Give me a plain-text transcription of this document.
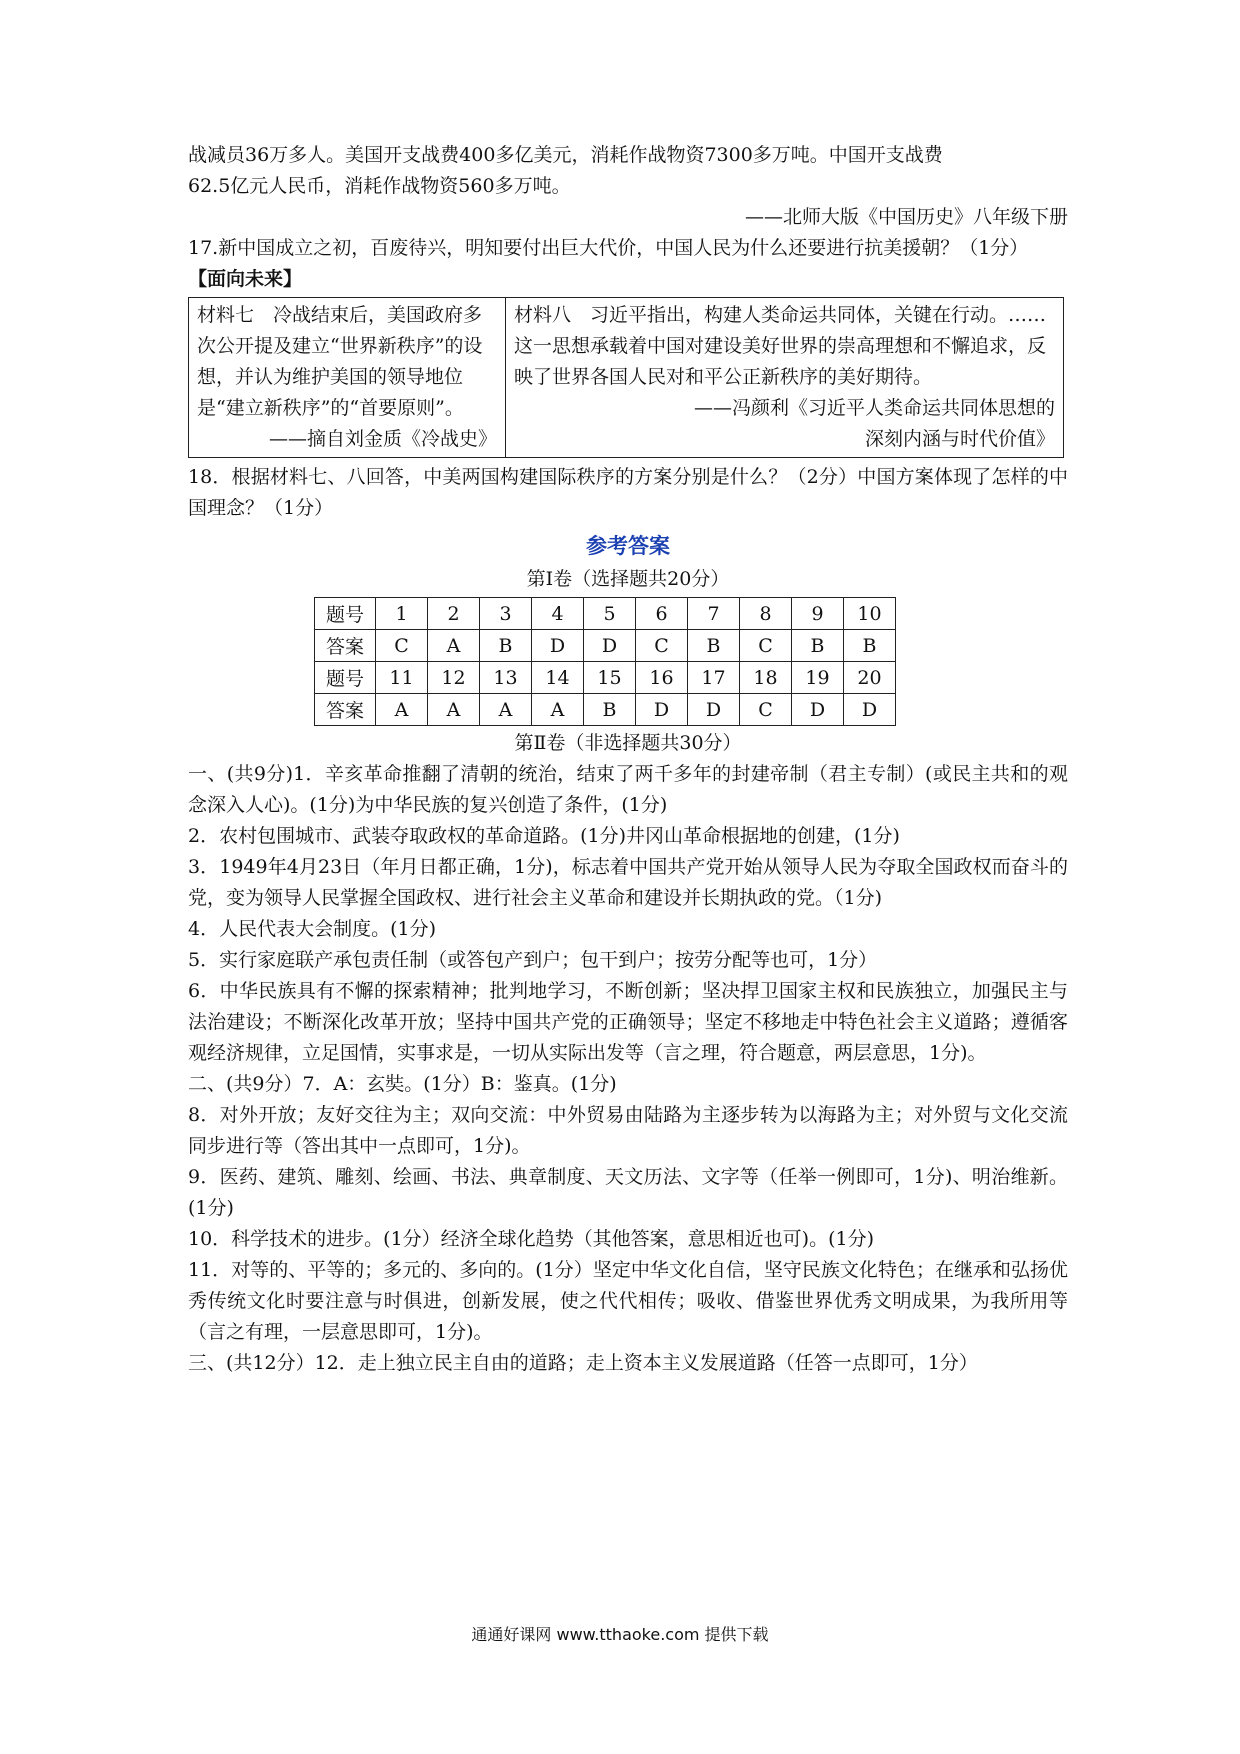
战减员36万多人。美国开支战费400多亿美元，消耗作战物资7300多万吨。中国开支战费

62.5亿元人民币，消耗作战物资560多万吨。

——北师大版《中国历史》八年级下册

17.新中国成立之初，百废待兴，明知要付出巨大代价，中国人民为什么还要进行抗美援朝？（1分）

【面向未来】

材料七　冷战结束后，美国政府多次公开提及建立“世界新秩序”的设想，并认为维护美国的领导地位是“建立新秩序”的“首要原则”。
——摘自刘金质《冷战史》

材料八　习近平指出，构建人类命运共同体，关键在行动。……这一思想承载着中国对建设美好世界的崇高理想和不懈追求，反映了世界各国人民对和平公正新秩序的美好期待。
——冯颜利《习近平人类命运共同体思想的
深刻内涵与时代价值》

18．根据材料七、八回答，中美两国构建国际秩序的方案分别是什么？（2分）中国方案体现了怎样的中国理念？（1分）

参考答案

第Ⅰ卷（选择题共20分）

题号	1	2	3	4	5	6	7	8	9	10
答案	C	A	B	D	D	C	B	C	B	B
题号	11	12	13	14	15	16	17	18	19	20
答案	A	A	A	A	B	D	D	C	D	D

第Ⅱ卷（非选择题共30分）

一、(共9分)1．辛亥革命推翻了清朝的统治，结束了两千多年的封建帝制（君主专制）(或民主共和的观念深入人心)。(1分)为中华民族的复兴创造了条件，(1分)

2．农村包围城市、武装夺取政权的革命道路。(1分)井冈山革命根据地的创建，(1分)

3．1949年4月23日（年月日都正确，1分)，标志着中国共产党开始从领导人民为夺取全国政权而奋斗的党，变为领导人民掌握全国政权、进行社会主义革命和建设并长期执政的党。（1分)

4．人民代表大会制度。(1分)

5．实行家庭联产承包责任制（或答包产到户；包干到户；按劳分配等也可，1分）

6．中华民族具有不懈的探索精神；批判地学习，不断创新；坚决捍卫国家主权和民族独立，加强民主与法治建设；不断深化改革开放；坚持中国共产党的正确领导；坚定不移地走中特色社会主义道路；遵循客观经济规律，立足国情，实事求是，一切从实际出发等（言之理，符合题意，两层意思，1分)。

二、(共9分）7．A：玄奘。(1分）B：鉴真。(1分)

8．对外开放；友好交往为主；双向交流：中外贸易由陆路为主逐步转为以海路为主；对外贸与文化交流同步进行等（答出其中一点即可，1分)。

9．医药、建筑、雕刻、绘画、书法、典章制度、天文历法、文字等（任举一例即可，1分)、明治维新。(1分)

10．科学技术的进步。(1分）经济全球化趋势（其他答案，意思相近也可)。(1分)

11．对等的、平等的；多元的、多向的。(1分）坚定中华文化自信，坚守民族文化特色；在继承和弘扬优秀传统文化时要注意与时俱进，创新发展，使之代代相传；吸收、借鉴世界优秀文明成果，为我所用等（言之有理，一层意思即可，1分)。

三、(共12分）12．走上独立民主自由的道路；走上资本主义发展道路（任答一点即可，1分）

通通好课网 www.tthaoke.com 提供下载
